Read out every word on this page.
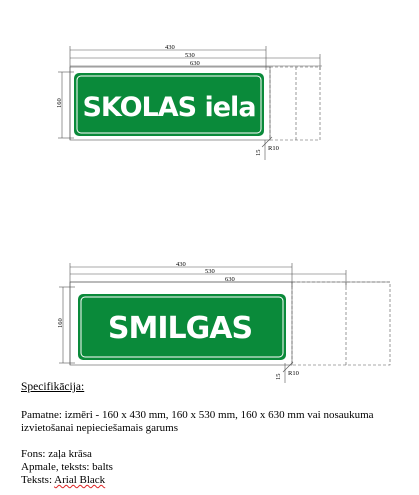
430
530
630
160
15
R10
SKOLAS iela
430
530
630
160
15 R10
SMILGAS
Specifikācija:
Pamatne: izmēri - 160 x 430 mm, 160 x 530 mm, 160 x 630 mm vai nosaukuma
izvietošanai nepieciešamais garums
Fons: zaļa krāsa
Apmale, teksts: balts
Teksts: Arial Black
